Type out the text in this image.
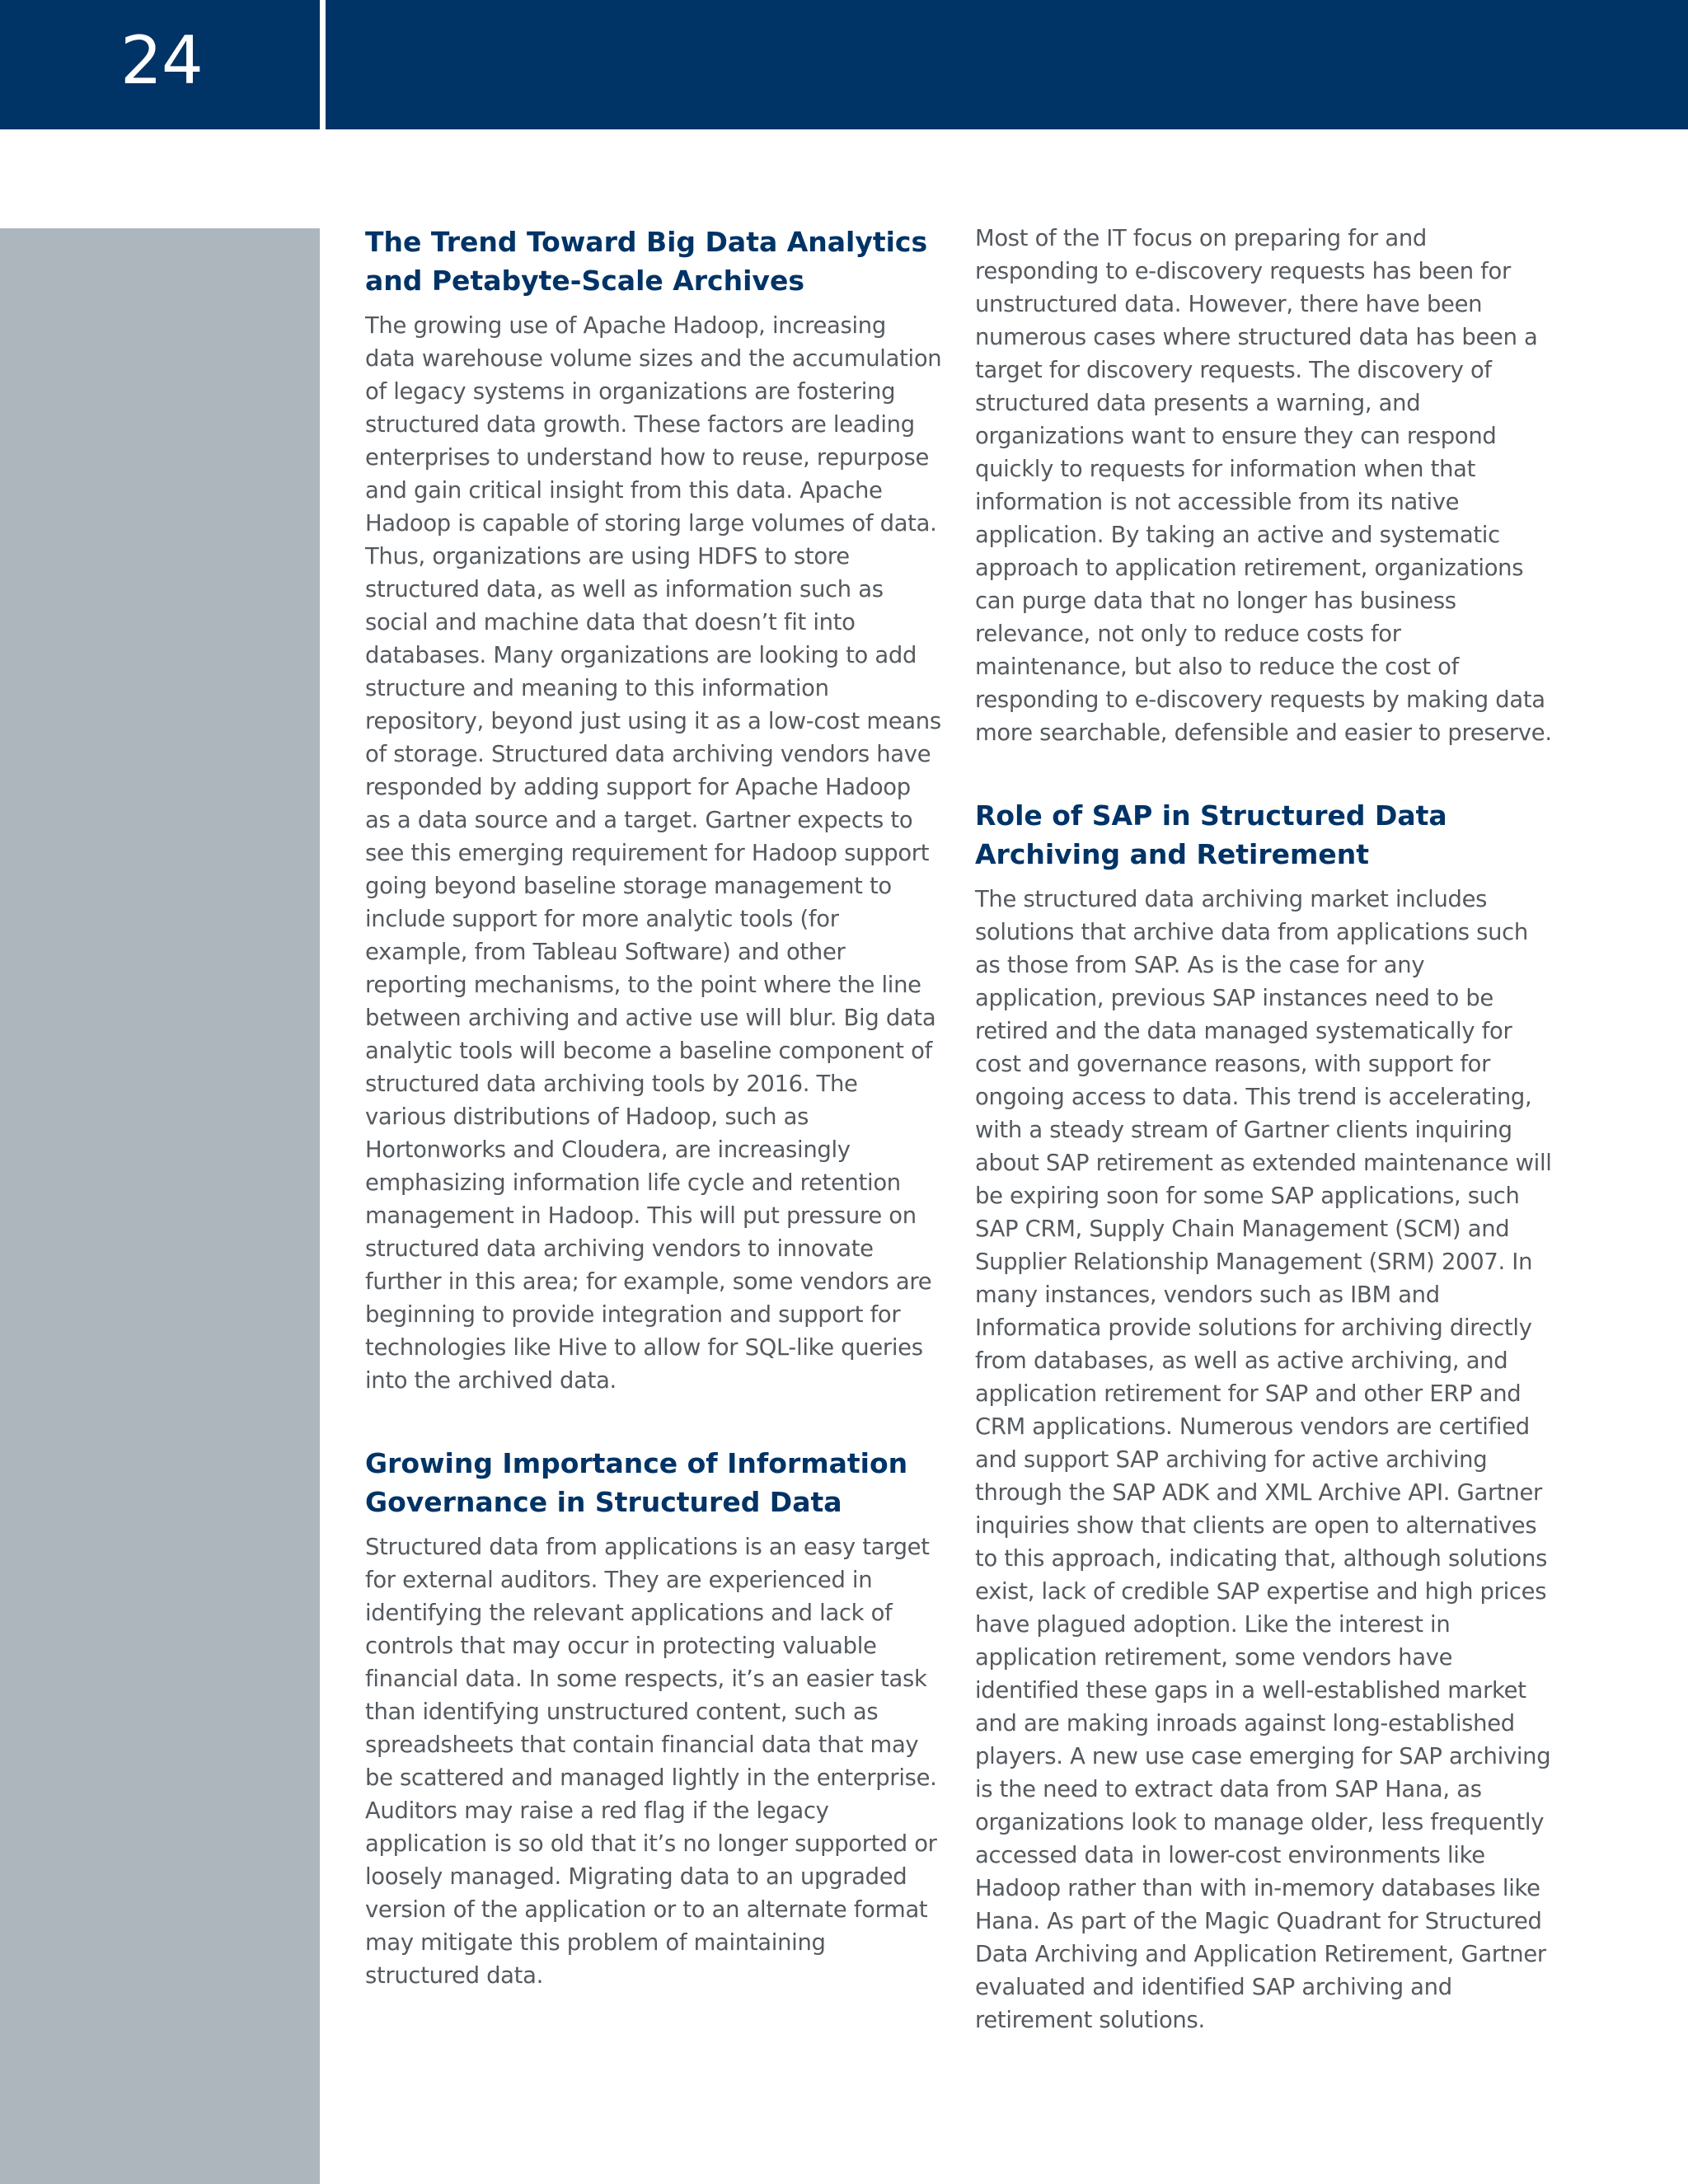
24
The Trend Toward Big Data Analytics and Petabyte-Scale Archives

The growing use of Apache Hadoop, increasing data warehouse volume sizes and the accumulation of legacy systems in organizations are fostering structured data growth. These factors are leading enterprises to understand how to reuse, repurpose and gain critical insight from this data. Apache Hadoop is capable of storing large volumes of data. Thus, organizations are using HDFS to store structured data, as well as information such as social and machine data that doesn’t fit into databases. Many organizations are looking to add structure and meaning to this information repository, beyond just using it as a low-cost means of storage. Structured data archiving vendors have responded by adding support for Apache Hadoop as a data source and a target. Gartner expects to see this emerging requirement for Hadoop support going beyond baseline storage management to include support for more analytic tools (for example, from Tableau Software) and other reporting mechanisms, to the point where the line between archiving and active use will blur. Big data analytic tools will become a baseline component of structured data archiving tools by 2016. The various distributions of Hadoop, such as Hortonworks and Cloudera, are increasingly emphasizing information life cycle and retention management in Hadoop. This will put pressure on structured data archiving vendors to innovate further in this area; for example, some vendors are beginning to provide integration and support for technologies like Hive to allow for SQL-like queries into the archived data.

Growing Importance of Information Governance in Structured Data

Structured data from applications is an easy target for external auditors. They are experienced in identifying the relevant applications and lack of controls that may occur in protecting valuable financial data. In some respects, it’s an easier task than identifying unstructured content, such as spreadsheets that contain financial data that may be scattered and managed lightly in the enterprise. Auditors may raise a red flag if the legacy application is so old that it’s no longer supported or loosely managed. Migrating data to an upgraded version of the application or to an alternate format may mitigate this problem of maintaining structured data.

Most of the IT focus on preparing for and responding to e-discovery requests has been for unstructured data. However, there have been numerous cases where structured data has been a target for discovery requests. The discovery of structured data presents a warning, and organizations want to ensure they can respond quickly to requests for information when that information is not accessible from its native application. By taking an active and systematic approach to application retirement, organizations can purge data that no longer has business relevance, not only to reduce costs for maintenance, but also to reduce the cost of responding to e-discovery requests by making data more searchable, defensible and easier to preserve.

Role of SAP in Structured Data Archiving and Retirement

The structured data archiving market includes solutions that archive data from applications such as those from SAP. As is the case for any application, previous SAP instances need to be retired and the data managed systematically for cost and governance reasons, with support for ongoing access to data. This trend is accelerating, with a steady stream of Gartner clients inquiring about SAP retirement as extended maintenance will be expiring soon for some SAP applications, such SAP CRM, Supply Chain Management (SCM) and Supplier Relationship Management (SRM) 2007. In many instances, vendors such as IBM and Informatica provide solutions for archiving directly from databases, as well as active archiving, and application retirement for SAP and other ERP and CRM applications. Numerous vendors are certified and support SAP archiving for active archiving through the SAP ADK and XML Archive API. Gartner inquiries show that clients are open to alternatives to this approach, indicating that, although solutions exist, lack of credible SAP expertise and high prices have plagued adoption. Like the interest in application retirement, some vendors have identified these gaps in a well-established market and are making inroads against long-established players. A new use case emerging for SAP archiving is the need to extract data from SAP Hana, as organizations look to manage older, less frequently accessed data in lower-cost environments like Hadoop rather than with in-memory databases like Hana. As part of the Magic Quadrant for Structured Data Archiving and Application Retirement, Gartner evaluated and identified SAP archiving and retirement solutions.
